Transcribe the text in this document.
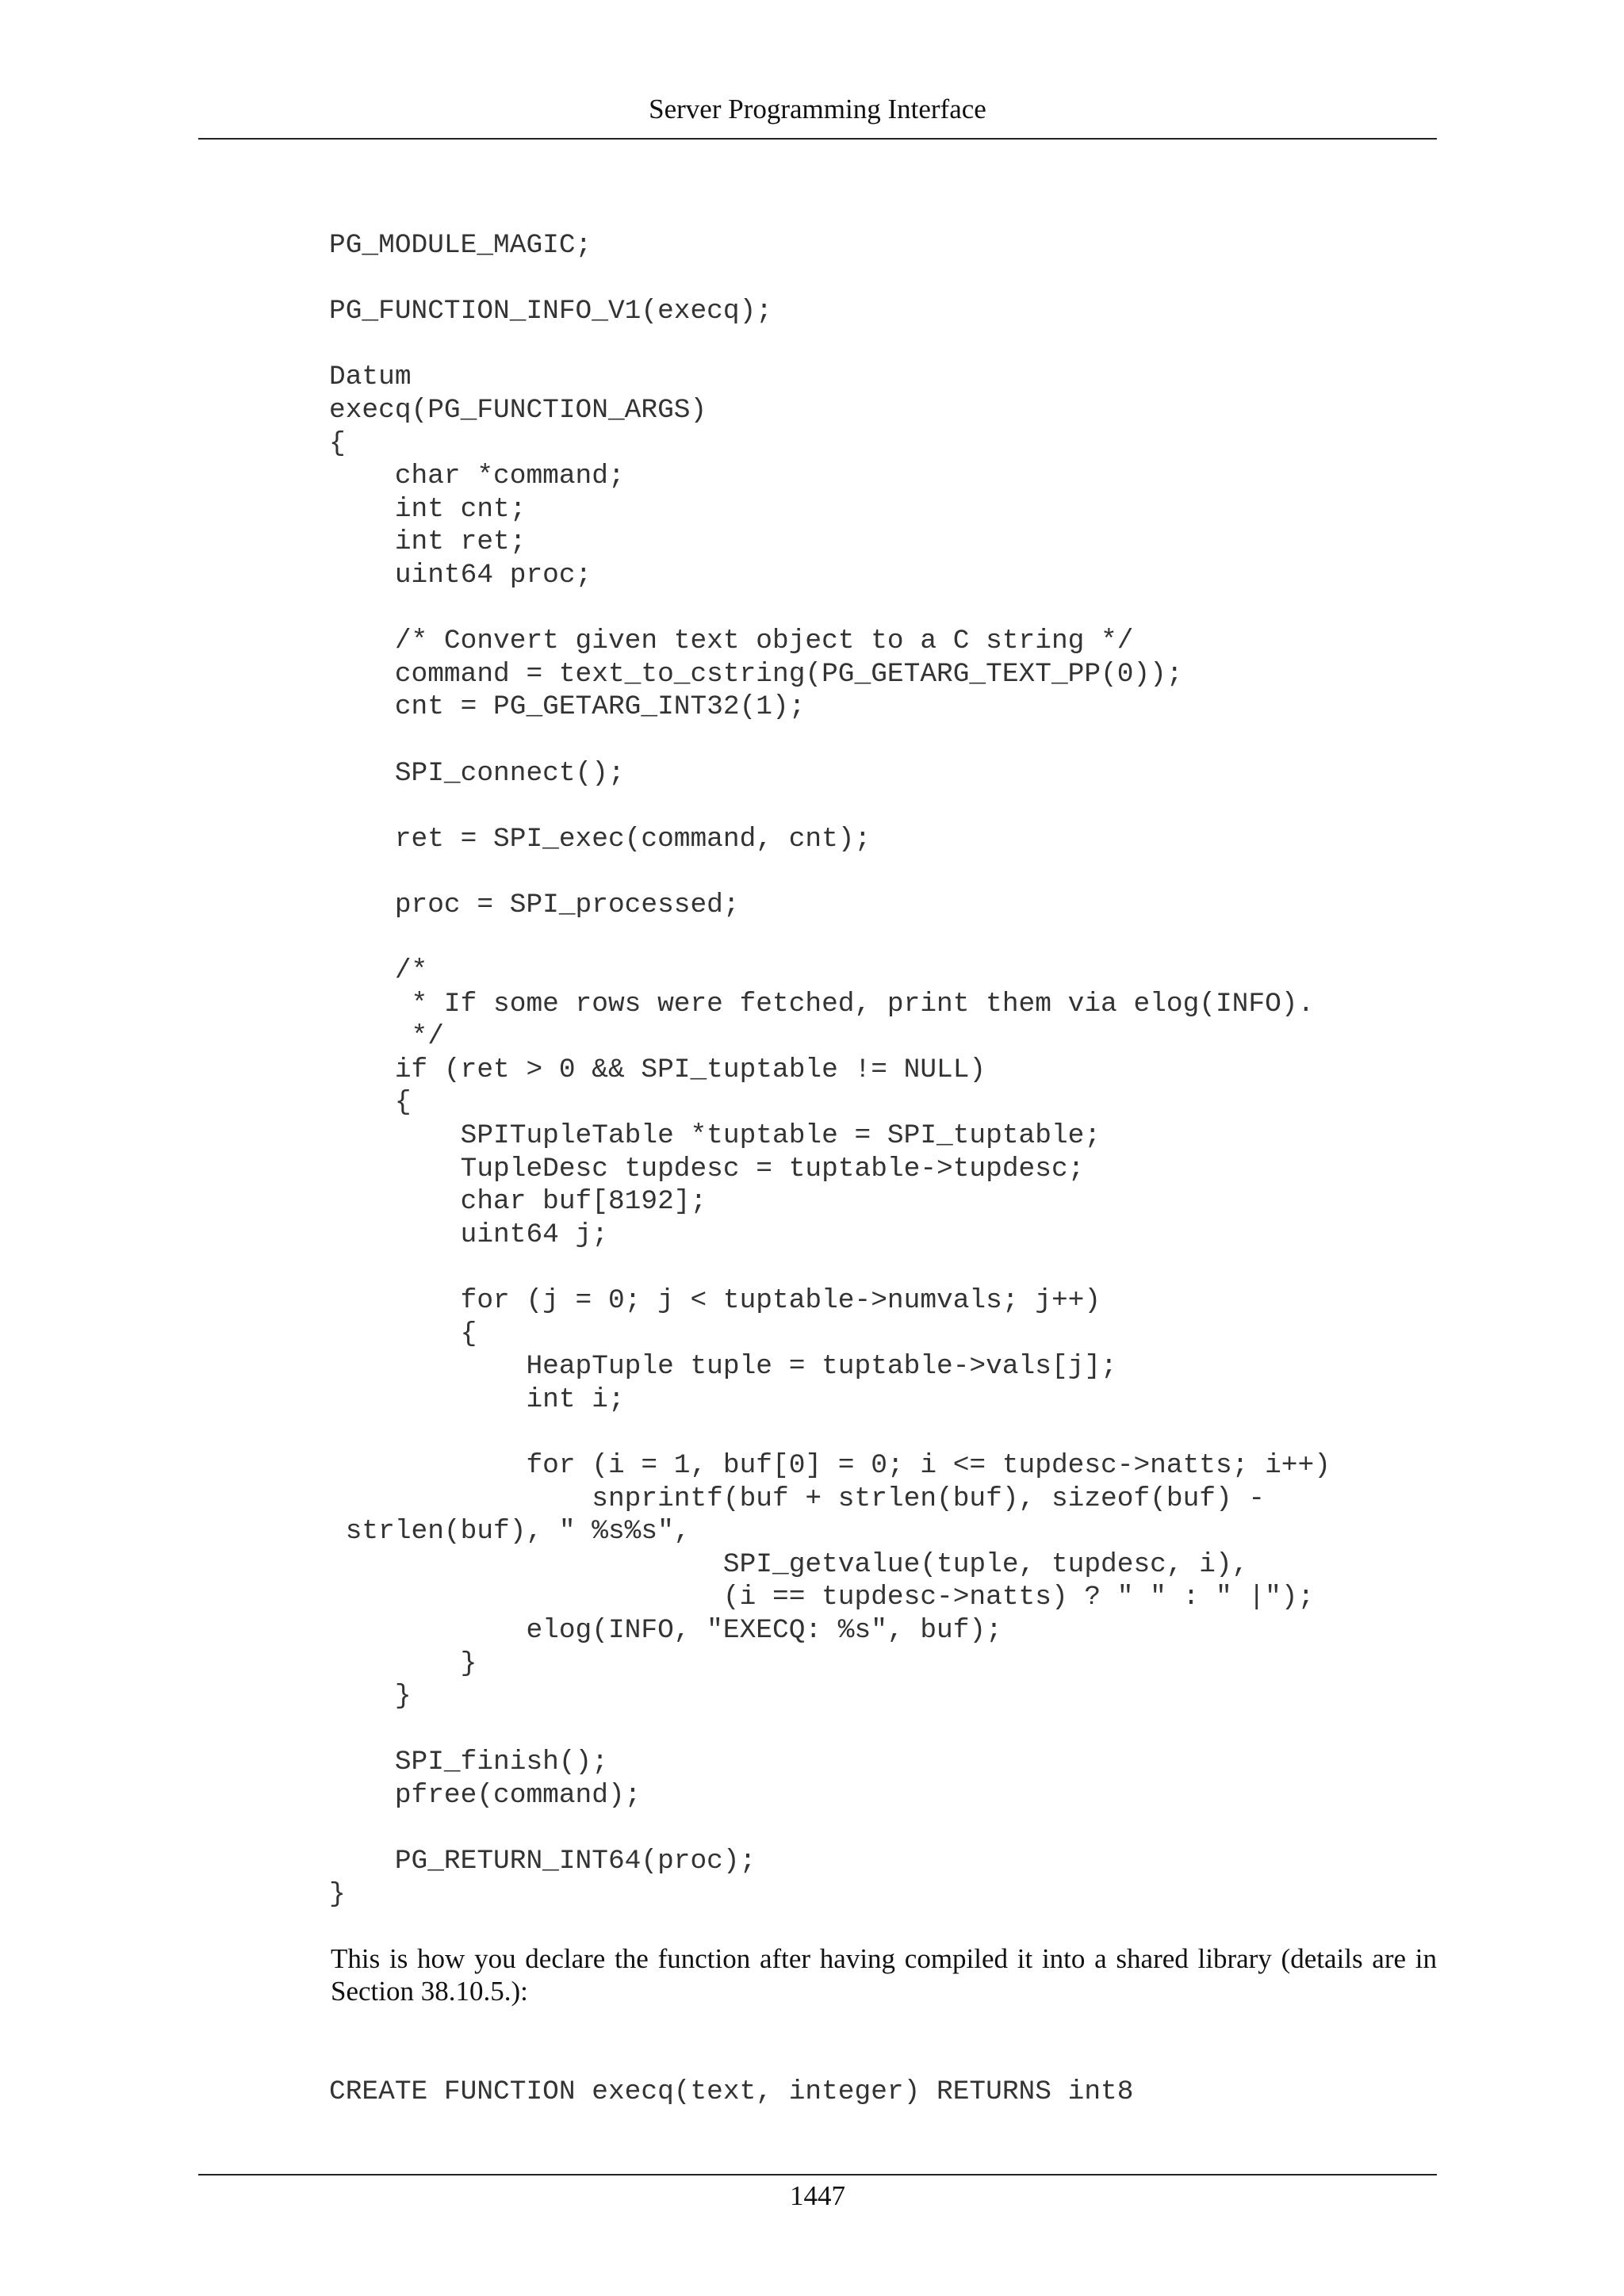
Server Programming Interface
PG_MODULE_MAGIC;

PG_FUNCTION_INFO_V1(execq);

Datum
execq(PG_FUNCTION_ARGS)
{
char *command;
int cnt;
int ret;
uint64 proc;

/* Convert given text object to a C string */
command = text_to_cstring(PG_GETARG_TEXT_PP(0));
cnt = PG_GETARG_INT32(1);

SPI_connect();

ret = SPI_exec(command, cnt);

proc = SPI_processed;

/*
* If some rows were fetched, print them via elog(INFO).
*/
if (ret > 0 && SPI_tuptable != NULL)
{
SPITupleTable *tuptable = SPI_tuptable;
TupleDesc tupdesc = tuptable->tupdesc;
char buf[8192];
uint64 j;

for (j = 0; j < tuptable->numvals; j++)
{
HeapTuple tuple = tuptable->vals[j];
int i;

for (i = 1, buf[0] = 0; i <= tupdesc->natts; i++)
snprintf(buf + strlen(buf), sizeof(buf) -
strlen(buf), " %s%s",
SPI_getvalue(tuple, tupdesc, i),
(i == tupdesc->natts) ? " " : " |");
elog(INFO, "EXECQ: %s", buf);
}
}

SPI_finish();
pfree(command);

PG_RETURN_INT64(proc);
}

This is how you declare the function after having compiled it into a shared library (details are in Section 38.10.5.):

CREATE FUNCTION execq(text, integer) RETURNS int8
1447
